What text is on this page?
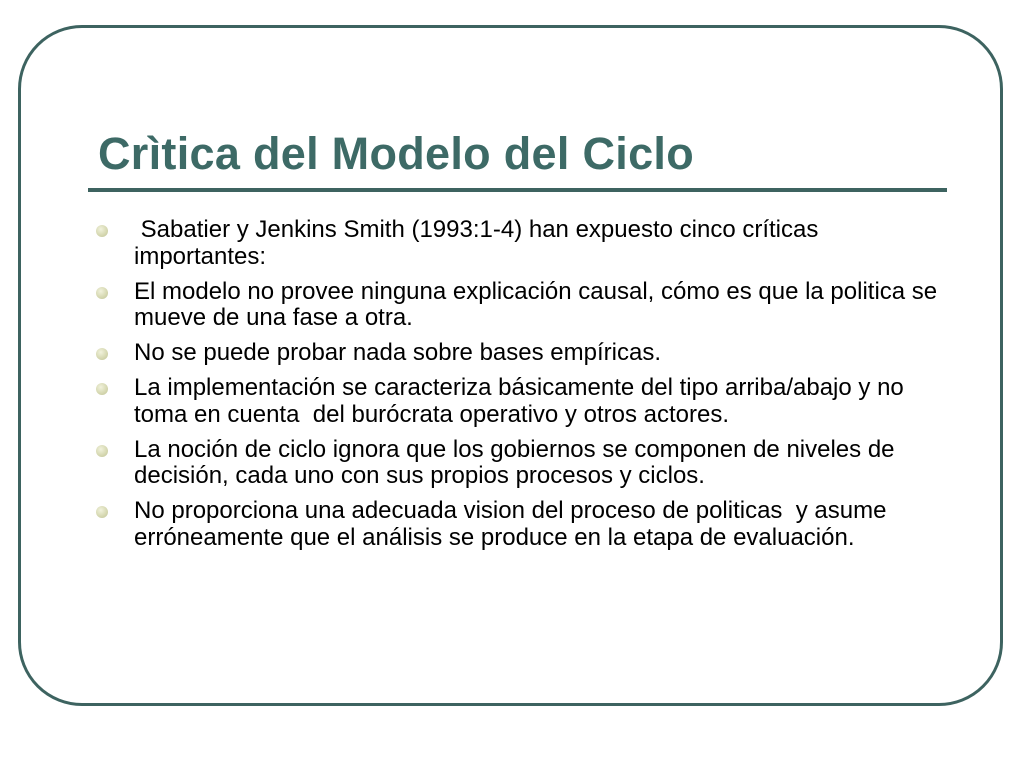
Crìtica del Modelo del Ciclo
Sabatier y Jenkins Smith (1993:1-4) han expuesto cinco críticas importantes:
El modelo no provee ninguna explicación causal, cómo es que la politica se mueve de una fase a otra.
No se puede probar nada sobre bases empíricas.
La implementación se caracteriza básicamente del tipo arriba/abajo y no toma en cuenta  del burócrata operativo y otros actores.
La noción de ciclo ignora que los gobiernos se componen de niveles de decisión, cada uno con sus propios procesos y ciclos.
No proporciona una adecuada vision del proceso de politicas  y asume erróneamente que el análisis se produce en la etapa de evaluación.
